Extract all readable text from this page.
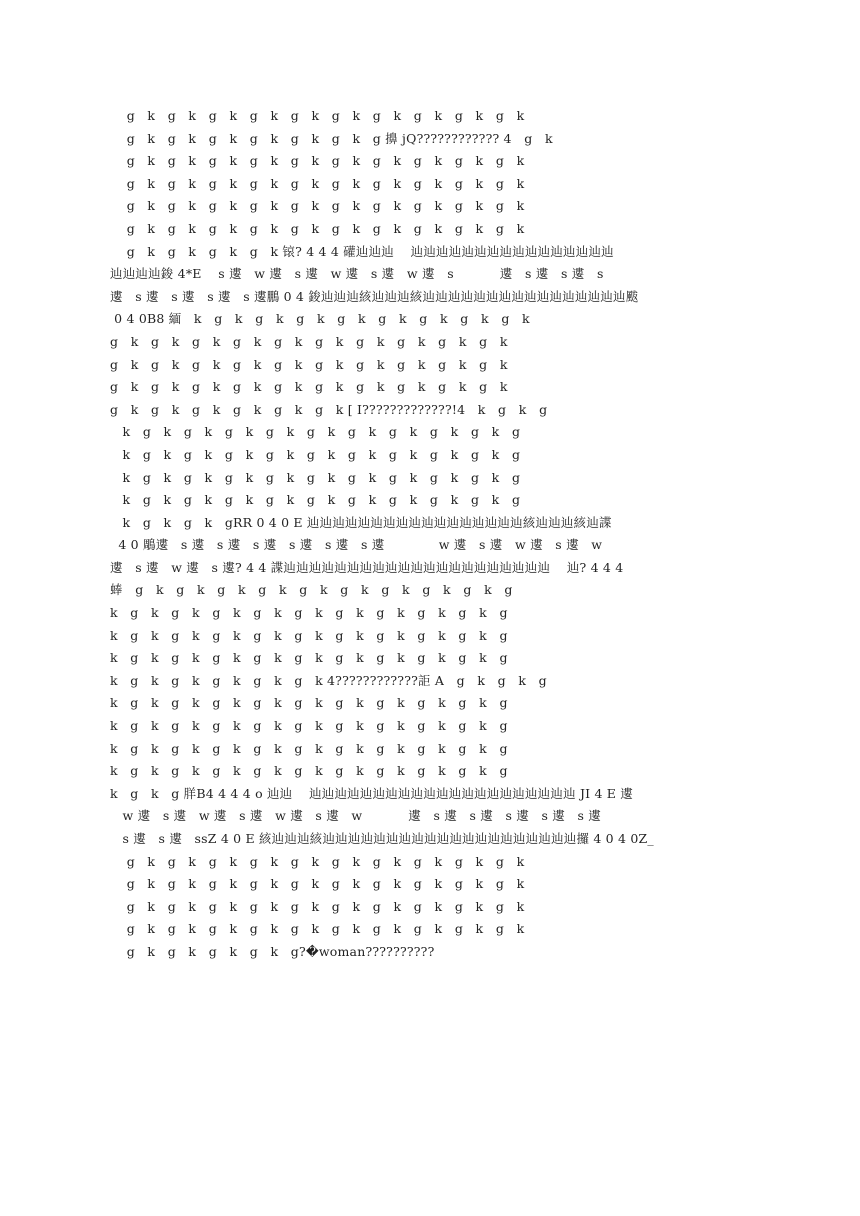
g   k   g   k   g   k   g   k   g   k   g   k   g   k   g   k   g   k   g   k
g   k   g   k   g   k   g   k   g   k   g   k   g 擤 jQ???????????? 4   g   k
g   k   g   k   g   k   g   k   g   k   g   k   g   k   g   k   g   k   g   k
g   k   g   k   g   k   g   k   g   k   g   k   g   k   g   k   g   k   g   k
g   k   g   k   g   k   g   k   g   k   g   k   g   k   g   k   g   k   g   k
g   k   g   k   g   k   g   k   g   k   g   k   g   k   g   k   g   k   g   k
g   k   g   k   g   k   g   k 锿? 4 4 4 礶辿辿辿    辿辿辿辿辿辿辿辿辿辿辿辿辿辿辿辿
辿辿辿辿鋑 4*E    s 遱   w 遱   s 遱   w 遱   s 遱   w 遱   s           遱   s 遱   s 遱   s
遱   s 遱   s 遱   s 遱   s 遱鵬 0 4 鋑辿辿辿絯辿辿辿絯辿辿辿辿辿辿辿辿辿辿辿辿辿辿辿辿颰
0 4 0B8 緬   k   g   k   g   k   g   k   g   k   g   k   g   k   g   k   g   k
g   k   g   k   g   k   g   k   g   k   g   k   g   k   g   k   g   k   g   k
g   k   g   k   g   k   g   k   g   k   g   k   g   k   g   k   g   k   g   k
g   k   g   k   g   k   g   k   g   k   g   k   g   k   g   k   g   k   g   k
g   k   g   k   g   k   g   k   g   k   g   k [ I?????????????!4   k   g   k   g
k   g   k   g   k   g   k   g   k   g   k   g   k   g   k   g   k   g   k   g
k   g   k   g   k   g   k   g   k   g   k   g   k   g   k   g   k   g   k   g
k   g   k   g   k   g   k   g   k   g   k   g   k   g   k   g   k   g   k   g
k   g   k   g   k   g   k   g   k   g   k   g   k   g   k   g   k   g   k   g
k   g   k   g   k   gRR 0 4 0 E 辿辿辿辿辿辿辿辿辿辿辿辿辿辿辿辿辿絯辿辿辿絯辿諜
4 0 鵰遱   s 遱   s 遱   s 遱   s 遱   s 遱   s 遱             w 遱   s 遱   w 遱   s 遱   w
遱   s 遱   w 遱   s 遱? 4 4 諜辿辿辿辿辿辿辿辿辿辿辿辿辿辿辿辿辿辿辿辿辿    辿? 4 4 4
蜯   g   k   g   k   g   k   g   k   g   k   g   k   g   k   g   k   g   k   g
k   g   k   g   k   g   k   g   k   g   k   g   k   g   k   g   k   g   k   g
k   g   k   g   k   g   k   g   k   g   k   g   k   g   k   g   k   g   k   g
k   g   k   g   k   g   k   g   k   g   k   g   k   g   k   g   k   g   k   g
k   g   k   g   k   g   k   g   k   g   k 4????????????詎 A   g   k   g   k   g
k   g   k   g   k   g   k   g   k   g   k   g   k   g   k   g   k   g   k   g
k   g   k   g   k   g   k   g   k   g   k   g   k   g   k   g   k   g   k   g
k   g   k   g   k   g   k   g   k   g   k   g   k   g   k   g   k   g   k   g
k   g   k   g   k   g   k   g   k   g   k   g   k   g   k   g   k   g   k   g
k   g   k   g 羘B4 4 4 4 o 辿辿    辿辿辿辿辿辿辿辿辿辿辿辿辿辿辿辿辿辿辿辿辿 JI 4 E 遱
w 遱   s 遱   w 遱   s 遱   w 遱   s 遱   w           遱   s 遱   s 遱   s 遱   s 遱   s 遱
s 遱   s 遱   ssZ 4 0 E 絯辿辿辿絯辿辿辿辿辿辿辿辿辿辿辿辿辿辿辿辿辿辿辿辿攞 4 0 4 0Z_
g   k   g   k   g   k   g   k   g   k   g   k   g   k   g   k   g   k   g   k
g   k   g   k   g   k   g   k   g   k   g   k   g   k   g   k   g   k   g   k
g   k   g   k   g   k   g   k   g   k   g   k   g   k   g   k   g   k   g   k
g   k   g   k   g   k   g   k   g   k   g   k   g   k   g   k   g   k   g   k
g   k   g   k   g   k   g   k   g?�woman??????????
